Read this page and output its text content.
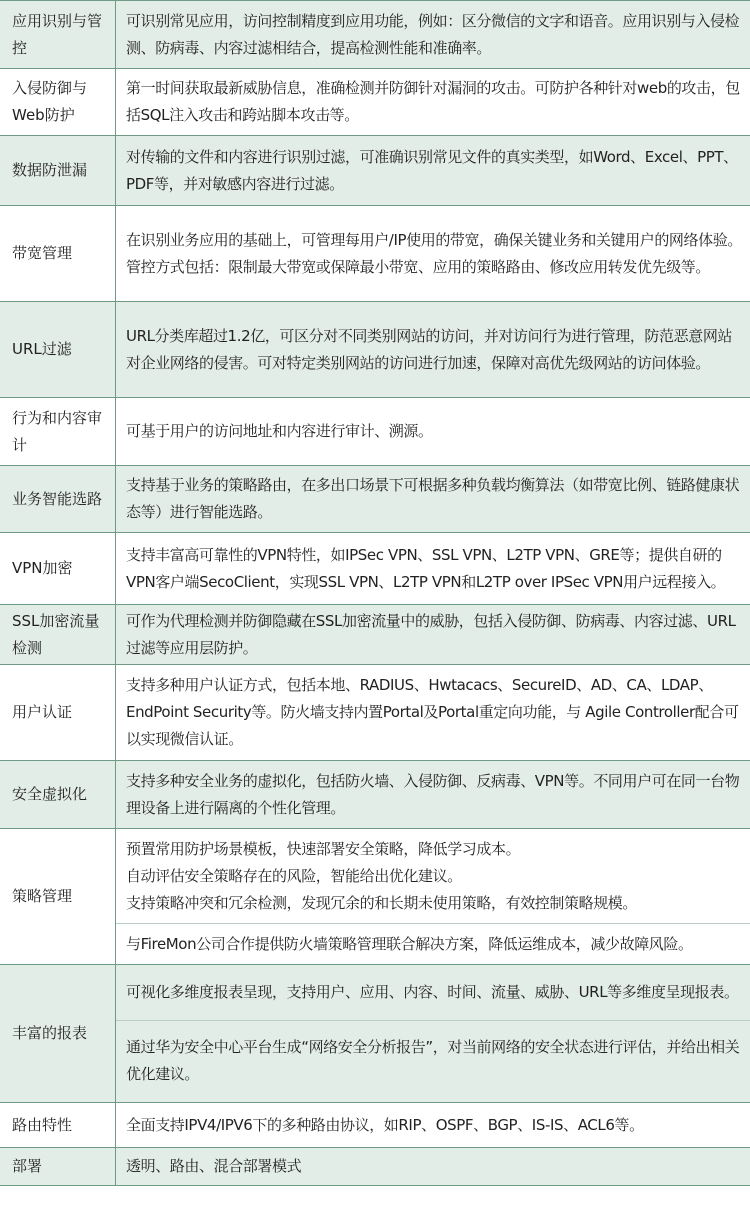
应用识别与管控
可识别常见应用，访问控制精度到应用功能，例如：区分微信的文字和语音。应用识别与入侵检测、防病毒、内容过滤相结合，提高检测性能和准确率。
入侵防御与Web防护
第一时间获取最新威胁信息，准确检测并防御针对漏洞的攻击。可防护各种针对web的攻击，包括SQL注入攻击和跨站脚本攻击等。
数据防泄漏
对传输的文件和内容进行识别过滤，可准确识别常见文件的真实类型，如Word、Excel、PPT、PDF等，并对敏感内容进行过滤。
带宽管理
在识别业务应用的基础上，可管理每用户/IP使用的带宽，确保关键业务和关键用户的网络体验。管控方式包括：限制最大带宽或保障最小带宽、应用的策略路由、修改应用转发优先级等。
URL过滤
URL分类库超过1.2亿，可区分对不同类别网站的访问，并对访问行为进行管理，防范恶意网站对企业网络的侵害。可对特定类别网站的访问进行加速，保障对高优先级网站的访问体验。
行为和内容审计
可基于用户的访问地址和内容进行审计、溯源。
业务智能选路
支持基于业务的策略路由，在多出口场景下可根据多种负载均衡算法（如带宽比例、链路健康状态等）进行智能选路。
VPN加密
支持丰富高可靠性的VPN特性，如IPSec VPN、SSL VPN、L2TP VPN、GRE等；提供自研的VPN客户端SecoClient，实现SSL VPN、L2TP VPN和L2TP over IPSec VPN用户远程接入。
SSL加密流量检测
可作为代理检测并防御隐藏在SSL加密流量中的威胁，包括入侵防御、防病毒、内容过滤、URL过滤等应用层防护。
用户认证
支持多种用户认证方式，包括本地、RADIUS、Hwtacacs、SecureID、AD、CA、LDAP、EndPoint Security等。防火墙支持内置Portal及Portal重定向功能，与 Agile Controller配合可以实现微信认证。
安全虚拟化
支持多种安全业务的虚拟化，包括防火墙、入侵防御、反病毒、VPN等。不同用户可在同一台物理设备上进行隔离的个性化管理。
策略管理
预置常用防护场景模板，快速部署安全策略，降低学习成本。
自动评估安全策略存在的风险，智能给出优化建议。
支持策略冲突和冗余检测，发现冗余的和长期未使用策略，有效控制策略规模。
与FireMon公司合作提供防火墙策略管理联合解决方案，降低运维成本，减少故障风险。
丰富的报表
可视化多维度报表呈现，支持用户、应用、内容、时间、流量、威胁、URL等多维度呈现报表。
通过华为安全中心平台生成“网络安全分析报告”，对当前网络的安全状态进行评估，并给出相关优化建议。
路由特性	全面支持IPV4/IPV6下的多种路由协议，如RIP、OSPF、BGP、IS-IS、ACL6等。
部署	透明、路由、混合部署模式
